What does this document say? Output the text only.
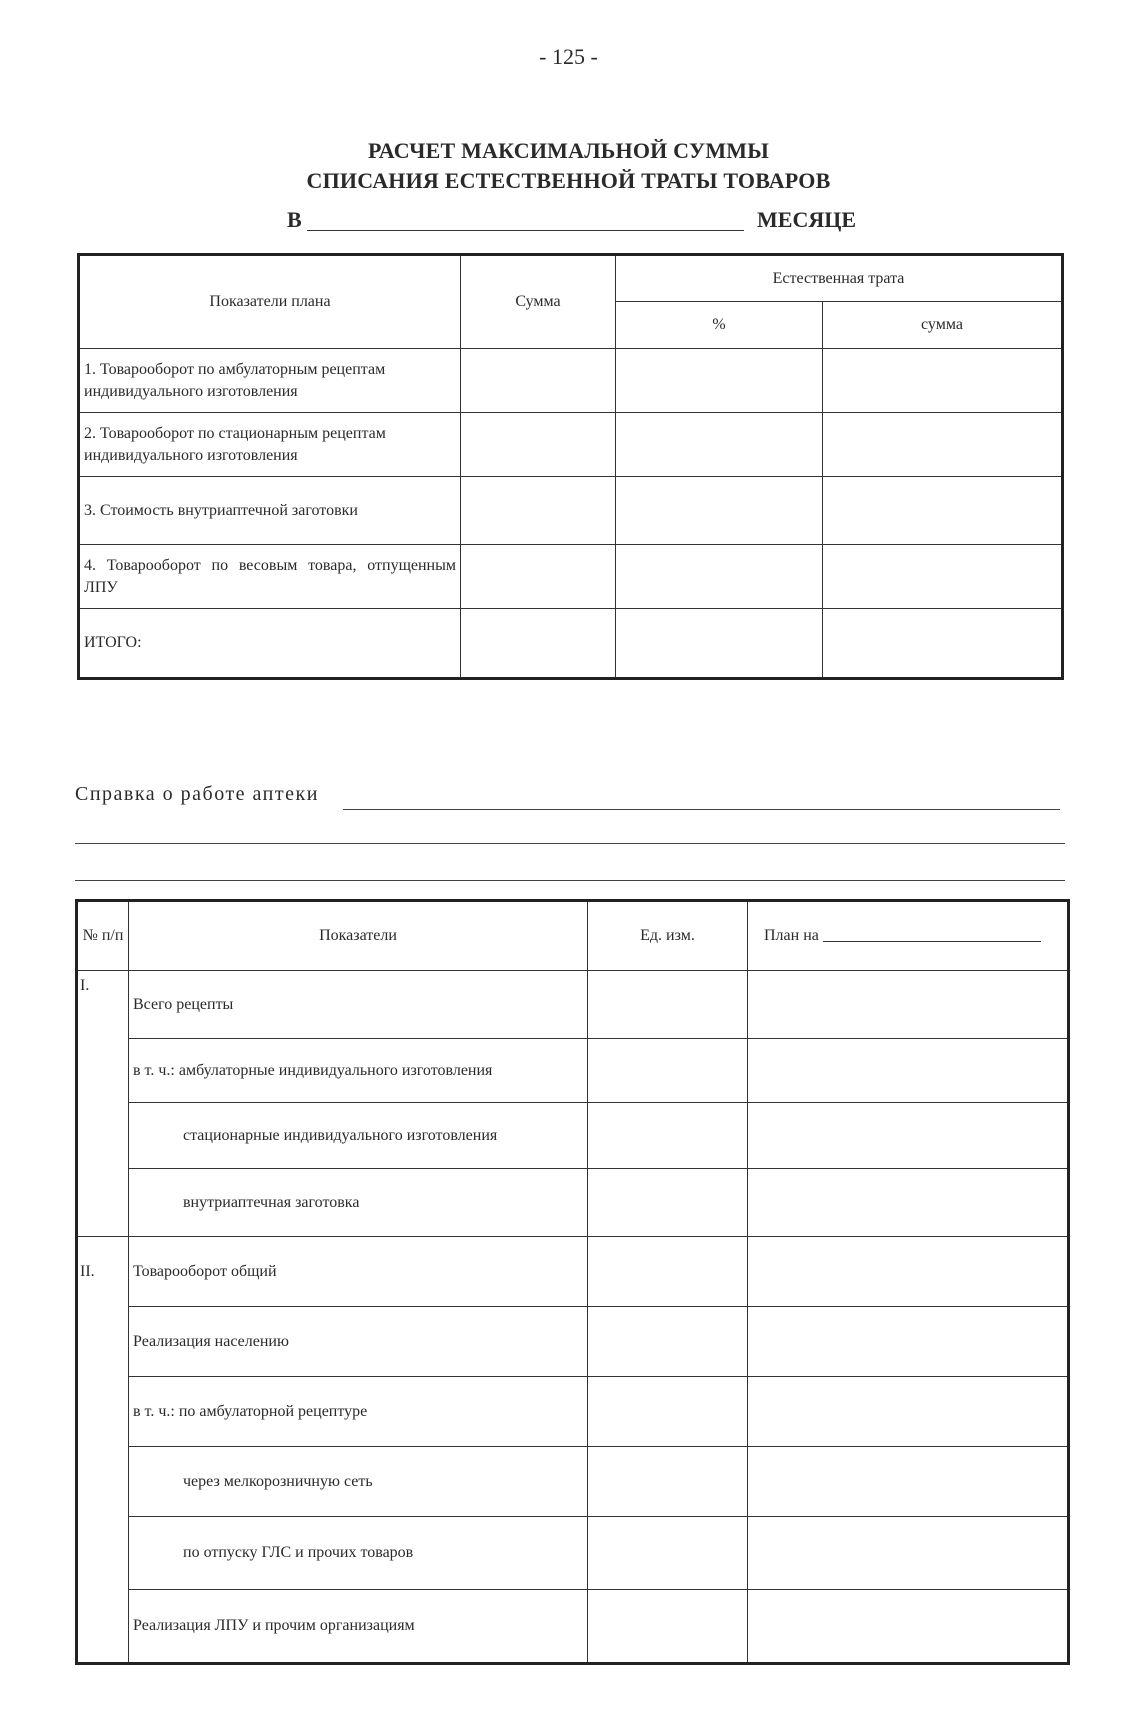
- 125 -
РАСЧЕТ МАКСИМАЛЬНОЙ СУММЫ
СПИСАНИЯ ЕСТЕСТВЕННОЙ ТРАТЫ ТОВАРОВ
В	МЕСЯЦЕ
Показатели плана	Сумма	Естественная трата	
		%	сумма
1. Товарооборот по амбулаторным рецептам индивидуального изготовления			
2. Товарооборот по стационарным рецептам индивидуального изготовления			
3. Стоимость внутриаптечной заготовки			
4. Товарооборот по весовым товара, отпущенным ЛПУ			
ИТОГО:			
Справка о работе аптеки
№ п/п	Показатели	Ед. изм.	План на
I.	Всего рецепты		
	в т. ч.: амбулаторные индивидуального изготовления		
	стационарные индивидуального изготовления		
	внутриаптечная заготовка		
II.	Товарооборот общий		
	Реализация населению		
	в т. ч.: по амбулаторной рецептуре		
	через мелкорозничную сеть		
	по отпуску ГЛС и прочих товаров		
	Реализация ЛПУ и прочим организациям		
